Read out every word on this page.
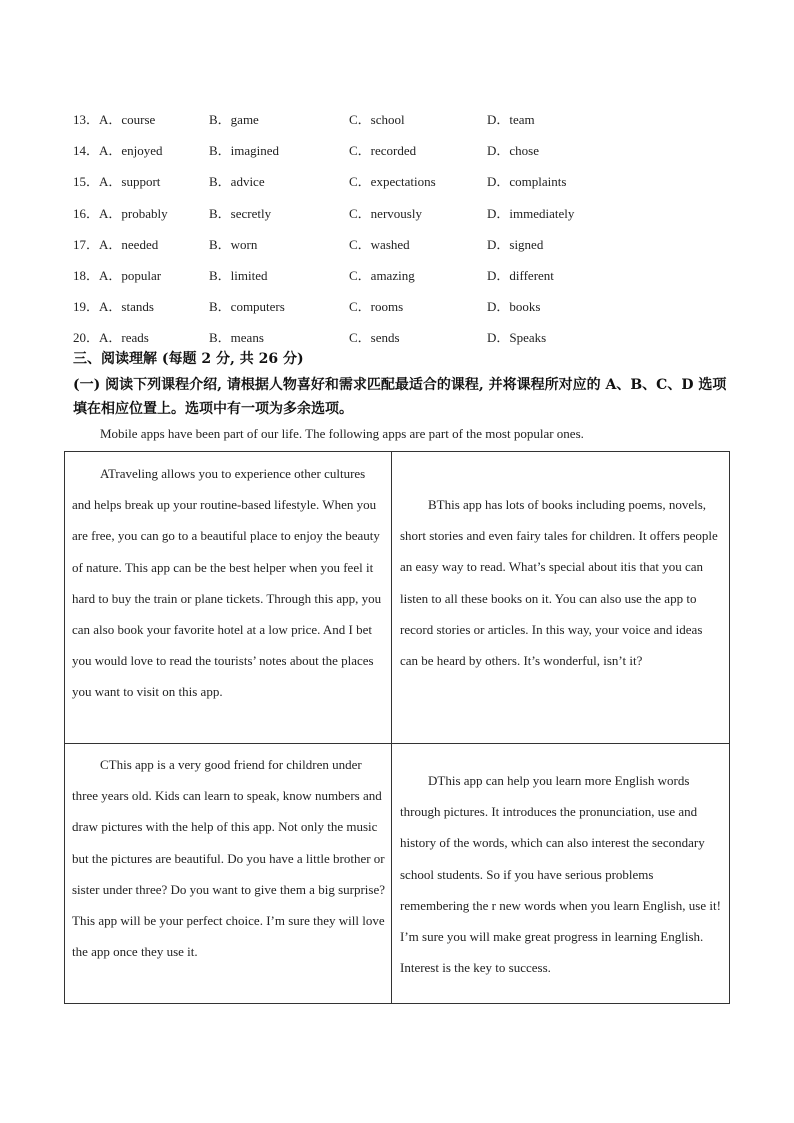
13．A．course	B．game	C．school	D．team
14．A．enjoyed	B．imagined	C．recorded	D．chose
15．A．support	B．advice	C．expectations	D．complaints
16．A．probably	B．secretly	C．nervously	D．immediately
17．A．needed	B．worn	C．washed	D．signed
18．A．popular	B．limited	C．amazing	D．different
19．A．stands	B．computers	C．rooms	D．books
20．A．reads	B．means	C．sends	D．Speaks
三、阅读理解 (每题 2 分, 共 26 分)
(一) 阅读下列课程介绍, 请根据人物喜好和需求匹配最适合的课程, 并将课程所对应的 A、B、C、D 选项填在相应位置上。选项中有一项为多余选项。
Mobile apps have been part of our life. The following apps are part of the most popular ones.
ATraveling allows you to experience other cultures and helps break up your routine-based lifestyle. When you are free, you can go to a beautiful place to enjoy the beauty of nature. This app can be the best helper when you feel it hard to buy the train or plane tickets. Through this app, you can also book your favorite hotel at a low price. And I bet you would love to read the tourists’ notes about the places you want to visit on this app.
BThis app has lots of books including poems, novels, short stories and even fairy tales for children. It offers people an easy way to read. What’s special about itis that you can listen to all these books on it. You can also use the app to record stories or articles. In this way, your voice and ideas can be heard by others. It’s wonderful, isn’t it?
CThis app is a very good friend for children under three years old. Kids can learn to speak, know numbers and draw pictures with the help of this app. Not only the music but the pictures are beautiful. Do you have a little brother or sister under three? Do you want to give them a big surprise? This app will be your perfect choice. I’m sure they will love the app once they use it.
DThis app can help you learn more English words through pictures. It introduces the pronunciation, use and history of the words, which can also interest the secondary school students. So if you have serious problems remembering the r new words when you learn English, use it! I’m sure you will make great progress in learning English. Interest is the key to success.
